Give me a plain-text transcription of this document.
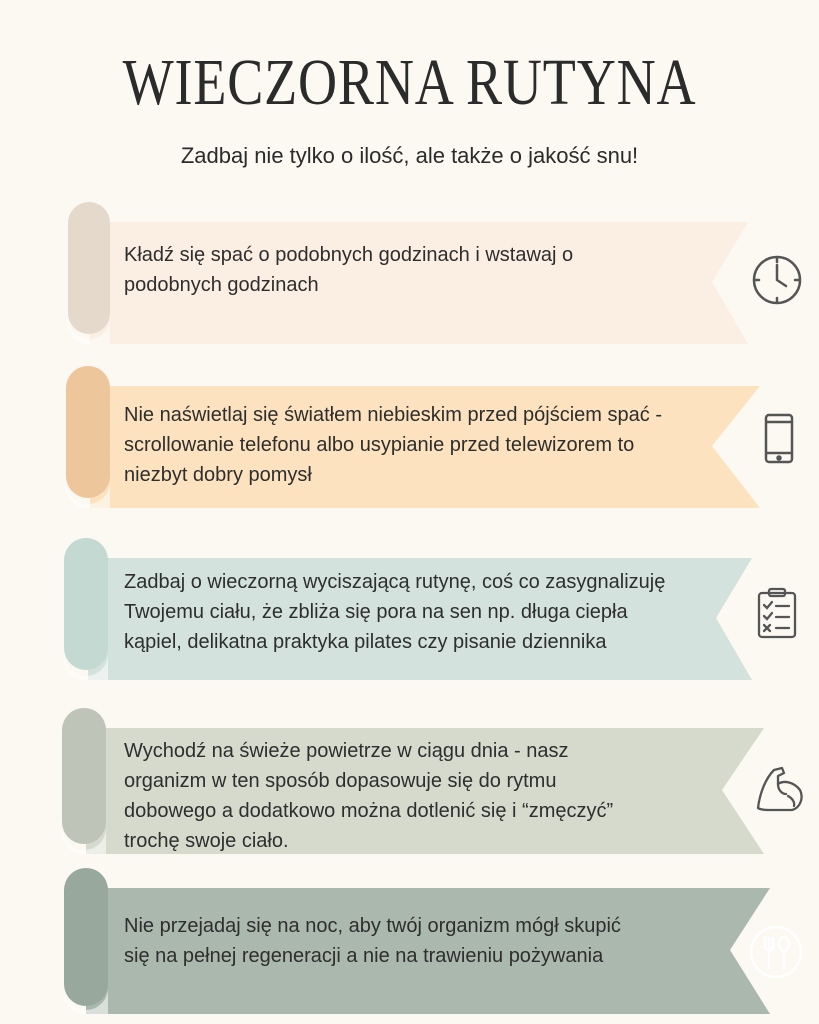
WIECZORNA RUTYNA
Zadbaj nie tylko o ilość, ale także o jakość snu!
Kładź się spać o podobnych godzinach i wstawaj o
podobnych godzinach
Nie naświetlaj się światłem niebieskim przed pójściem spać -
scrollowanie telefonu albo usypianie przed telewizorem to
niezbyt dobry pomysł
Zadbaj o wieczorną wyciszającą rutynę, coś co zasygnalizuję
Twojemu ciału, że zbliża się pora na sen np. długa ciepła
kąpiel, delikatna praktyka pilates czy pisanie dziennika
Wychodź na świeże powietrze w ciągu dnia - nasz
organizm w ten sposób dopasowuje się do rytmu
dobowego a dodatkowo można dotlenić się i “zmęczyć”
trochę swoje ciało.
Nie przejadaj się na noc, aby twój organizm mógł skupić
się na pełnej regeneracji a nie na trawieniu pożywania
